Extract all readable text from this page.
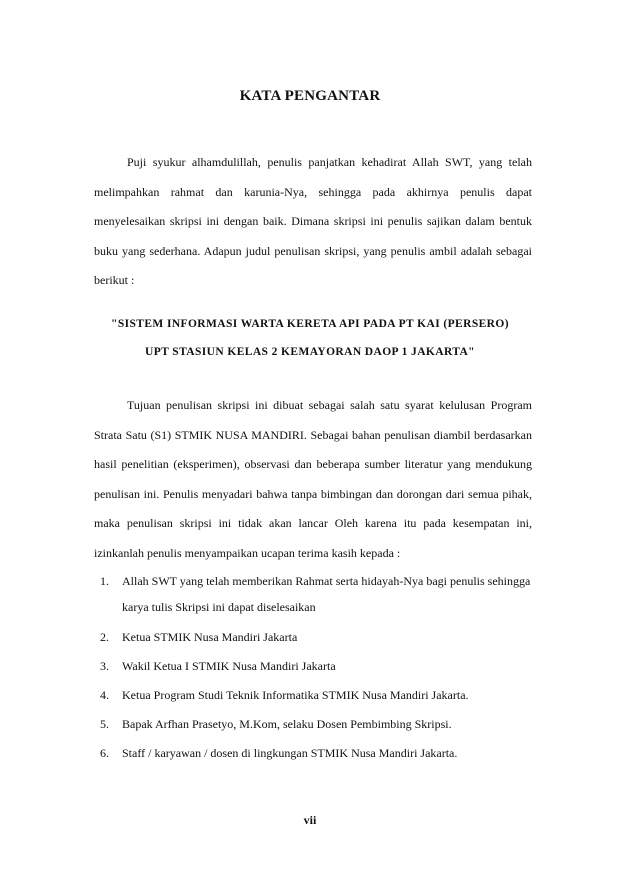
KATA PENGANTAR

Puji syukur alhamdulillah, penulis panjatkan kehadirat Allah SWT, yang telah melimpahkan rahmat dan karunia-Nya, sehingga pada akhirnya penulis dapat menyelesaikan skripsi ini dengan baik. Dimana skripsi ini penulis sajikan dalam bentuk buku yang sederhana. Adapun judul penulisan skripsi, yang penulis ambil adalah sebagai berikut :

"SISTEM INFORMASI WARTA KERETA API PADA PT KAI (PERSERO)
UPT STASIUN KELAS 2 KEMAYORAN DAOP 1 JAKARTA"

Tujuan penulisan skripsi ini dibuat sebagai salah satu syarat kelulusan Program Strata Satu (S1) STMIK NUSA MANDIRI. Sebagai bahan penulisan diambil berdasarkan hasil penelitian (eksperimen), observasi dan beberapa sumber literatur yang mendukung penulisan ini. Penulis menyadari bahwa tanpa bimbingan dan dorongan dari semua pihak, maka penulisan skripsi ini tidak akan lancar Oleh karena itu pada kesempatan ini, izinkanlah penulis menyampaikan ucapan terima kasih kepada :

1. Allah SWT yang telah memberikan Rahmat serta hidayah-Nya bagi penulis sehingga karya tulis Skripsi ini dapat diselesaikan
2. Ketua STMIK Nusa Mandiri Jakarta
3. Wakil Ketua I STMIK Nusa Mandiri Jakarta
4. Ketua Program Studi Teknik Informatika STMIK Nusa Mandiri Jakarta.
5. Bapak Arfhan Prasetyo, M.Kom, selaku Dosen Pembimbing Skripsi.
6. Staff / karyawan / dosen di lingkungan STMIK Nusa Mandiri Jakarta.
vii
